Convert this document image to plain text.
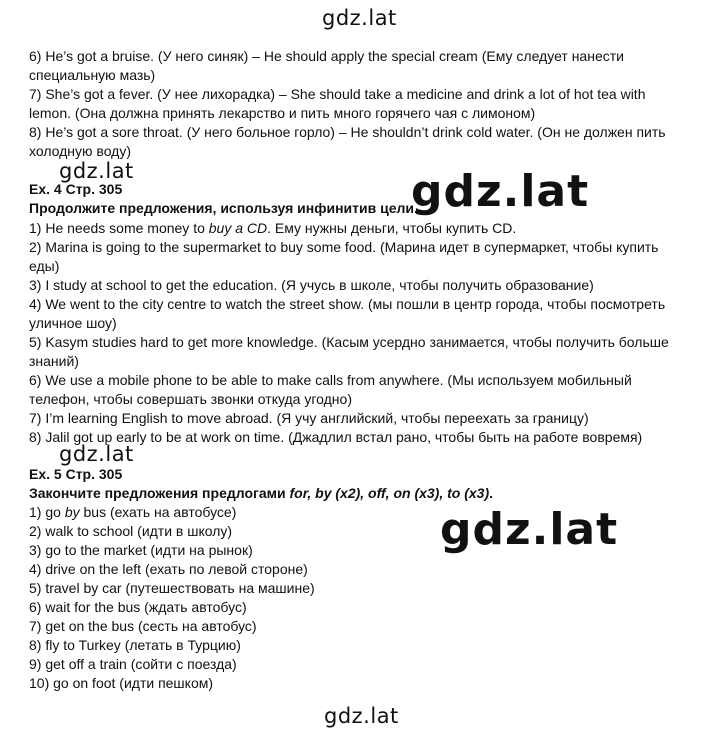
gdz.lat
gdz.lat	gdz.lat
gdz.lat
gdz.lat
gdz.lat
6) He’s got a bruise. (У него синяк) – He should apply the special cream (Ему следует нанести
специальную мазь)
7) She’s got a fever. (У нее лихорадка) – She should take a medicine and drink a lot of hot tea with
lemon. (Она должна принять лекарство и пить много горячего чая с лимоном)
8) He’s got a sore throat. (У него больное горло) – He shouldn’t drink cold water. (Он не должен пить
холодную воду)
Ex. 4 Стр. 305
Продолжите предложения, используя инфинитив цели.
1) He needs some money to buy a CD. Ему нужны деньги, чтобы купить CD.
2) Marina is going to the supermarket to buy some food. (Марина идет в супермаркет, чтобы купить
еды)
3) I study at school to get the education. (Я учусь в школе, чтобы получить образование)
4) We went to the city centre to watch the street show. (мы пошли в центр города, чтобы посмотреть
уличное шоу)
5) Kasym studies hard to get more knowledge. (Касым усердно занимается, чтобы получить больше
знаний)
6) We use a mobile phone to be able to make calls from anywhere. (Мы используем мобильный
телефон, чтобы совершать звонки откуда угодно)
7) I’m learning English to move abroad. (Я учу английский, чтобы переехать за границу)
8) Jalil got up early to be at work on time. (Джадлил встал рано, чтобы быть на работе вовремя)
Ex. 5 Стр. 305
Закончите предложения предлогами for, by (x2), off, on (x3), to (x3).
1) go by bus (ехать на автобусе)
2) walk to school (идти в школу)
3) go to the market (идти на рынок)
4) drive on the left (ехать по левой стороне)
5) travel by car (путешествовать на машине)
6) wait for the bus (ждать автобус)
7) get on the bus (сесть на автобус)
8) fly to Turkey (летать в Турцию)
9) get off a train (сойти с поезда)
10) go on foot (идти пешком)
